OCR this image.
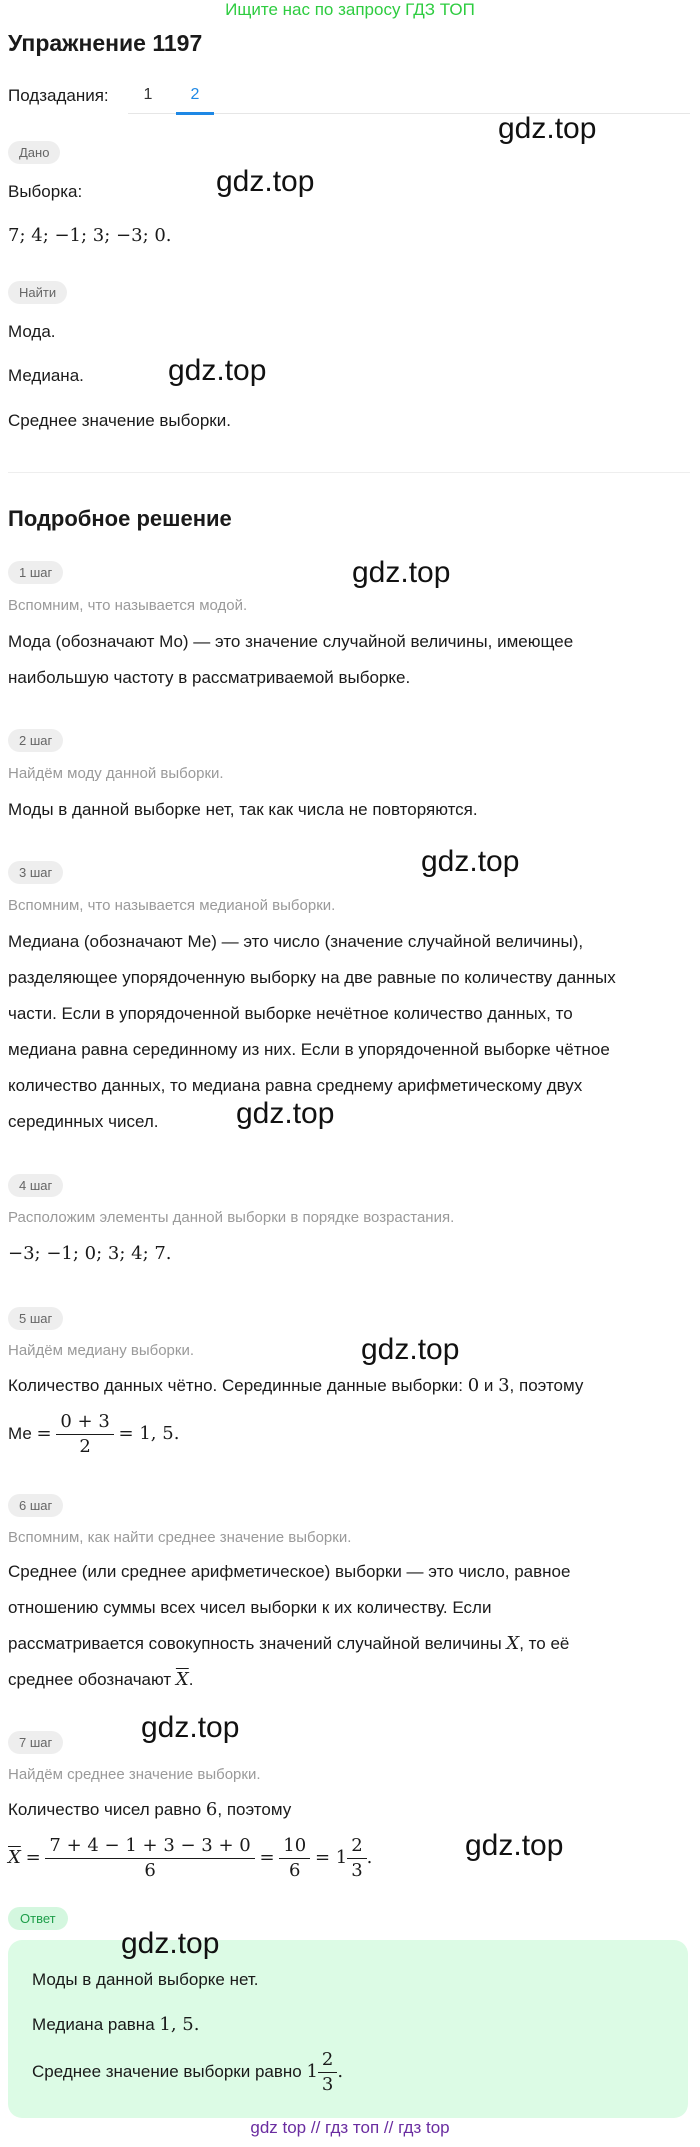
Ищите нас по запросу ГДЗ ТОП
Упражнение 1197
Подзадания:	1	2
Дано
Выборка:
7; 4; −1; 3; −3; 0.
Найти
Мода.
Медиана.
Среднее значение выборки.
Подробное решение
1 шаг
Вспомним, что называется модой.
Мода (обозначают Мо) — это значение случайной величины, имеющее
наибольшую частоту в рассматриваемой выборке.
2 шаг
Найдём моду данной выборки.
Моды в данной выборке нет, так как числа не повторяются.
3 шаг
Вспомним, что называется медианой выборки.
Медиана (обозначают Ме) — это число (значение случайной величины),
разделяющее упорядоченную выборку на две равные по количеству данных
части. Если в упорядоченной выборке нечётное количество данных, то
медиана равна серединному из них. Если в упорядоченной выборке чётное
количество данных, то медиана равна среднему арифметическому двух
серединных чисел.
4 шаг
Расположим элементы данной выборки в порядке возрастания.
−3; −1; 0; 3; 4; 7.
5 шаг
Найдём медиану выборки.
Количество данных чётно. Серединные данные выборки: 0 и 3, поэтому
Ме = $\frac{0 + 3}{2} = 1$, 5.
6 шаг
Вспомним, как найти среднее значение выборки.
Среднее (или среднее арифметическое) выборки — это число, равное
отношению суммы всех чисел выборки к их количеству. Если
рассматривается совокупность значений случайной величины X, то её
среднее обозначают $\overline{X}$.
7 шаг
Найдём среднее значение выборки.
Количество чисел равно 6, поэтому
$\overline{X} = \frac{7 + 4 - 1 + 3 - 3 + 0}{6} = \frac{10}{6} = 1 \frac{2}{3}$ .
Ответ
Моды в данной выборке нет.
Медиана равна 1, 5.
Среднее значение выборки равно $1 \frac{2}{3}$ .
gdz.top
gdz.top
gdz.top
gdz.top
gdz.top
gdz.top
gdz.top
gdz.top
gdz.top
gdz.top
gdz top // гдз топ // гдз top
